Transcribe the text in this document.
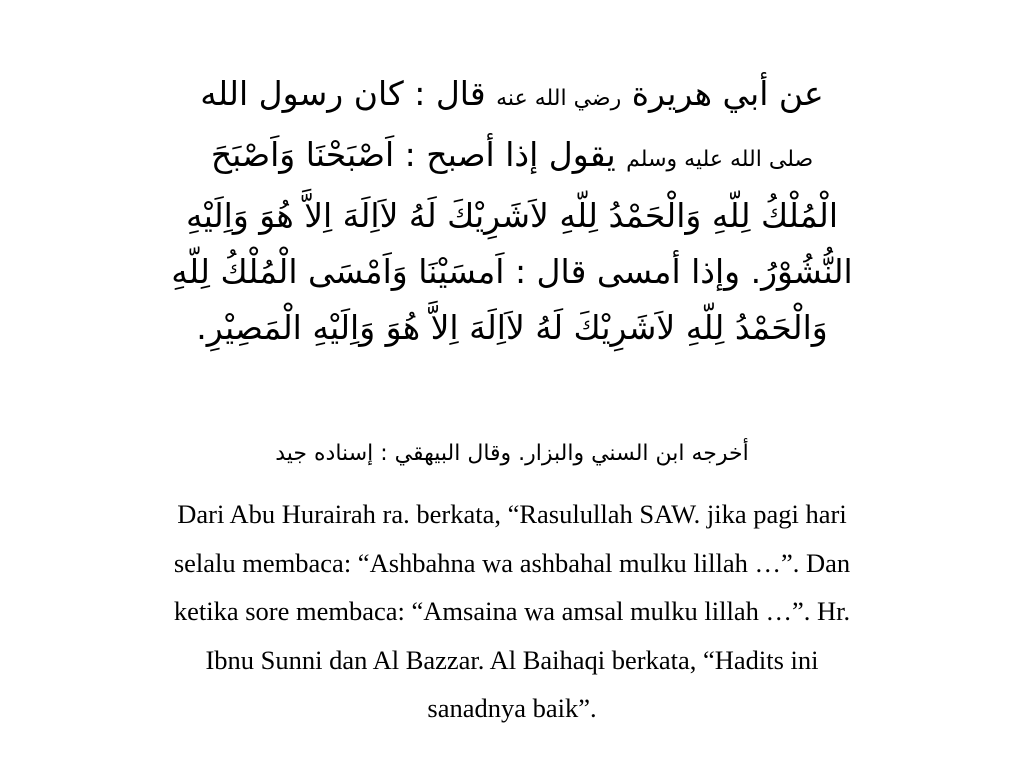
عن أبي هريرة رضي الله عنه قال : كان رسول الله
صلى الله عليه وسلم يقول إذا أصبح : اَصْبَحْنَا وَاَصْبَحَ
الْمُلْكُ لِلّهِ وَالْحَمْدُ لِلّهِ لاَشَرِيْكَ لَهُ لاَاِلَهَ اِلاَّ هُوَ وَاِلَيْهِ
النُّشُوْرُ. وإذا أمسى قال : اَمسَيْنَا وَاَمْسَى الْمُلْكُ لِلّهِ
وَالْحَمْدُ لِلّهِ لاَشَرِيْكَ لَهُ لاَاِلَهَ اِلاَّ هُوَ وَاِلَيْهِ الْمَصِيْرِ.
أخرجه ابن السني والبزار. وقال البيهقي : إسناده جيد
Dari Abu Hurairah ra. berkata, “Rasulullah SAW. jika pagi hari
selalu membaca: “Ashbahna wa ashbahal mulku lillah …”. Dan
ketika sore membaca: “Amsaina wa amsal mulku lillah …”. Hr.
Ibnu Sunni dan Al Bazzar. Al Baihaqi berkata, “Hadits ini
sanadnya baik”.
